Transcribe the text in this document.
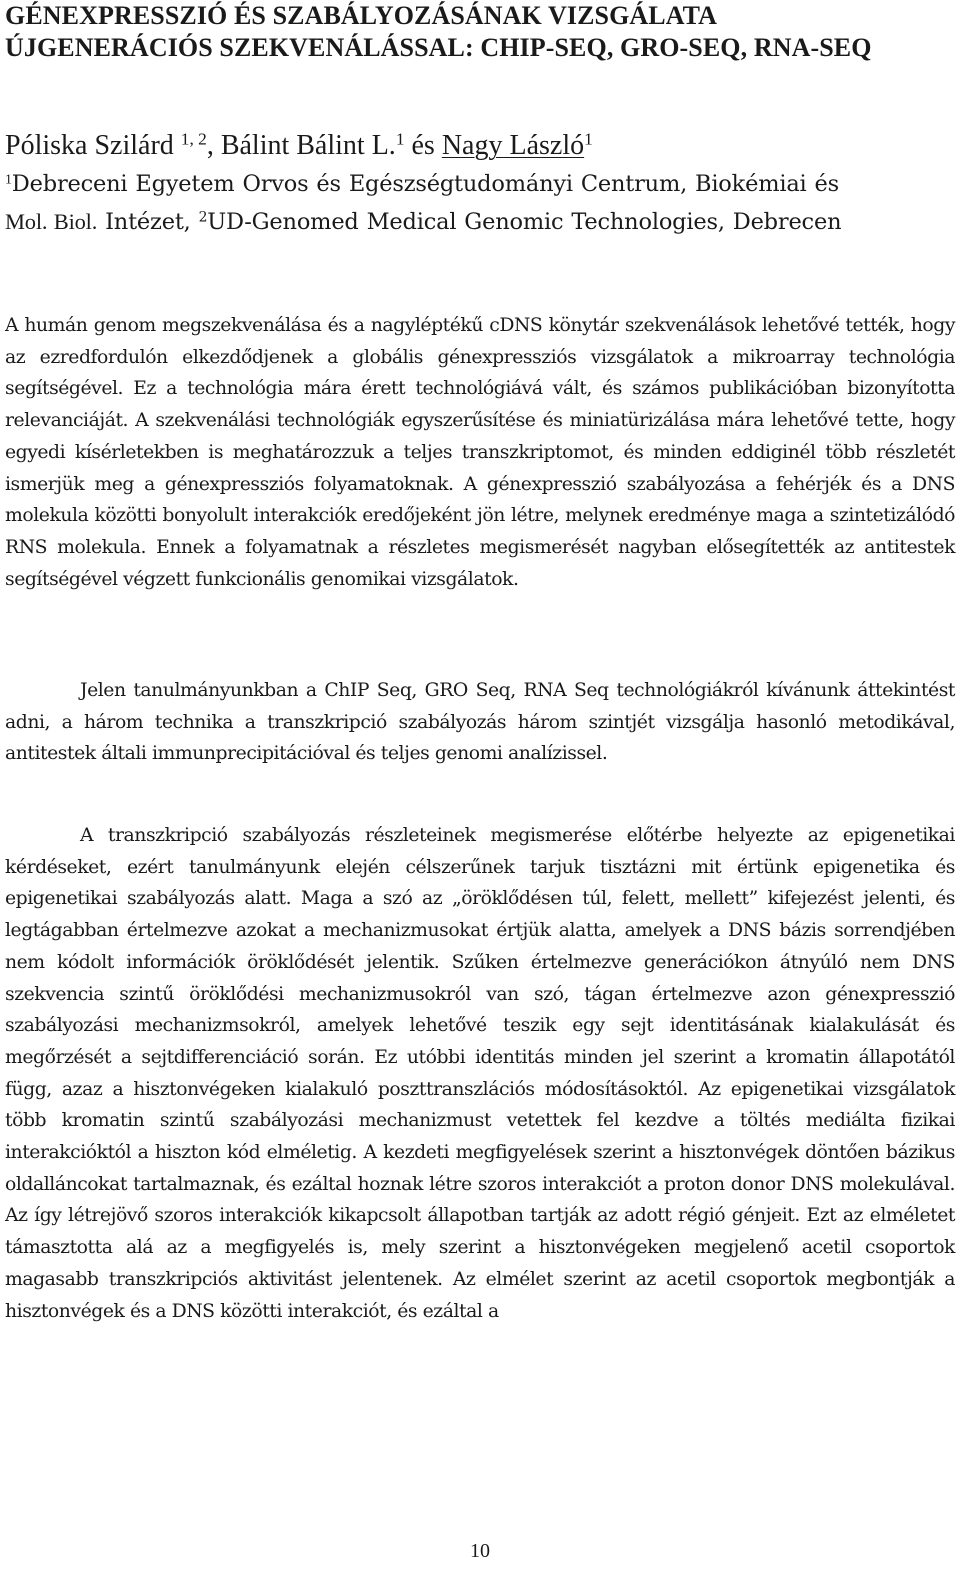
GÉNEXPRESSZIÓ ÉS SZABÁLYOZÁSÁNAK VIZSGÁLATA
ÚJGENERÁCIÓS SZEKVENÁLÁSSAL: CHIP-SEQ, GRO-SEQ, RNA-SEQ

Póliska Szilárd $^{1, 2}$, Bálint Bálint L.$^1$ és Nagy László$^1$

$^1$Debreceni Egyetem Orvos és Egészségtudományi Centrum, Biokémiai és
Mol. Biol. Intézet, $^2$UD-Genomed Medical Genomic Technologies, Debrecen

A humán genom megszekvenálása és a nagyléptékű cDNS könytár szekvenálások lehetővé tették, hogy az ezredfordulón elkezdődjenek a globális génexpressziós vizsgálatok a mikroarray technológia segítségével. Ez a technológia mára érett technológiává vált, és számos publikációban bizonyította relevanciáját. A szekvenálási technológiák egyszerűsítése és miniatürizálása mára lehetővé tette, hogy egyedi kísérletekben is meghatározzuk a teljes transzkriptomot, és minden eddiginél több részletét ismerjük meg a génexpressziós folyamatoknak. A génexpresszió szabályozása a fehérjék és a DNS molekula közötti bonyolult interakciók eredőjeként jön létre, melynek eredménye maga a szintetizálódó RNS molekula. Ennek a folyamatnak a részletes megismerését nagyban elősegítették az antitestek segítségével végzett funkcionális genomikai vizsgálatok.

Jelen tanulmányunkban a ChIP Seq, GRO Seq, RNA Seq technológiákról kívánunk áttekintést adni, a három technika a transzkripció szabályozás három szintjét vizsgálja hasonló metodikával, antitestek általi immunprecipitációval és teljes genomi analízissel.

A transzkripció szabályozás részleteinek megismerése előtérbe helyezte az epigenetikai kérdéseket, ezért tanulmányunk elején célszerűnek tarjuk tisztázni mit értünk epigenetika és epigenetikai szabályozás alatt. Maga a szó az „öröklődésen túl, felett, mellett” kifejezést jelenti, és legtágabban értelmezve azokat a mechanizmusokat értjük alatta, amelyek a DNS bázis sorrendjében nem kódolt információk öröklődését jelentik. Szűken értelmezve generációkon átnyúló nem DNS szekvencia szintű öröklődési mechanizmusokról van szó, tágan értelmezve azon génexpresszió szabályozási mechanizmsokról, amelyek lehetővé teszik egy sejt identitásának kialakulását és megőrzését a sejtdifferenciáció során. Ez utóbbi identitás minden jel szerint a kromatin állapotától függ, azaz a hisztonvégeken kialakuló poszttranszlációs módosításoktól. Az epigenetikai vizsgálatok több kromatin szintű szabályozási mechanizmust vetettek fel kezdve a töltés mediálta fizikai interakcióktól a hiszton kód elméletig. A kezdeti megfigyelések szerint a hisztonvégek döntően bázikus oldalláncokat tartalmaznak, és ezáltal hoznak létre szoros interakciót a proton donor DNS molekulával. Az így létrejövő szoros interakciók kikapcsolt állapotban tartják az adott régió génjeit. Ezt az elméletet támasztotta alá az a megfigyelés is, mely szerint a hisztonvégeken megjelenő acetil csoportok magasabb transzkripciós aktivitást jelentenek. Az elmélet szerint az acetil csoportok megbontják a hisztonvégek és a DNS közötti interakciót, és ezáltal a

10
